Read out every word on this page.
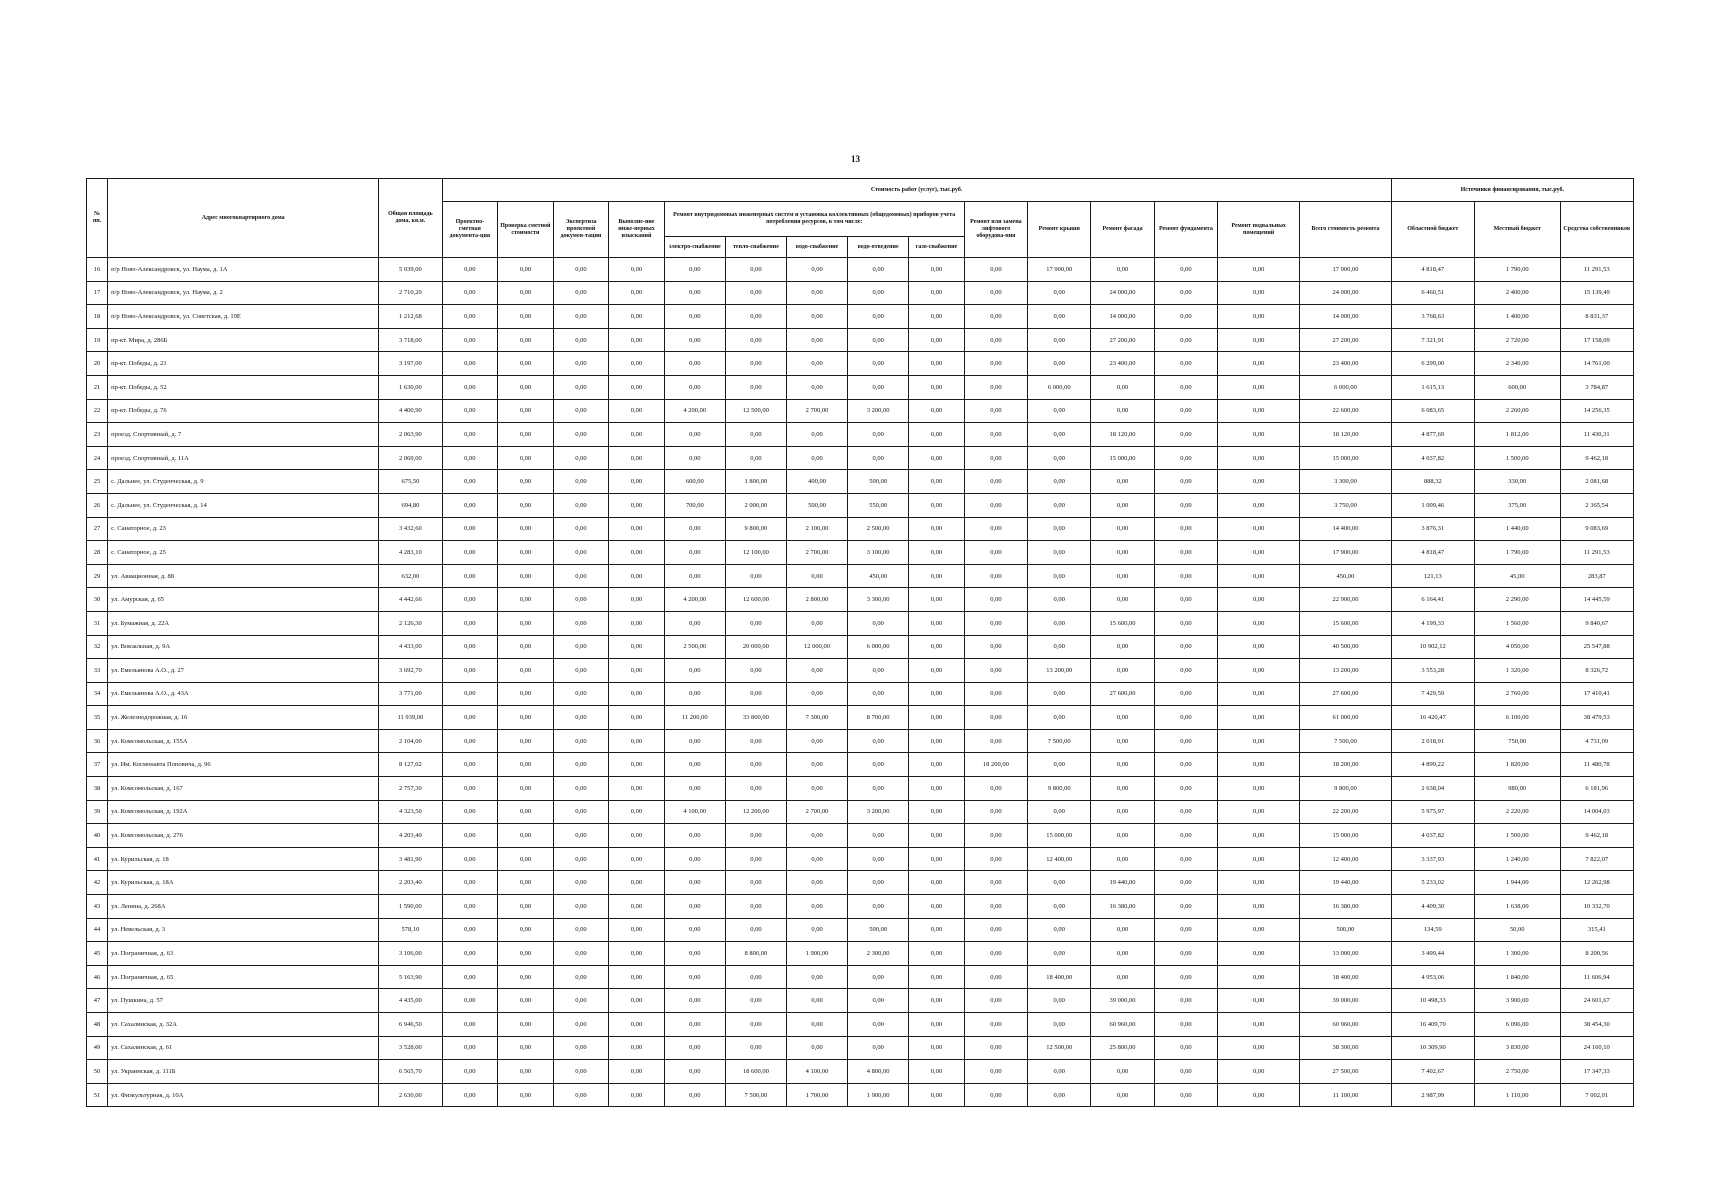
13
№
пп.	Адрес многоквартирного дома	Общая площадь дома, кв.м.	Стоимость работ (услуг), тыс.руб.															Источники финансирования, тыс.руб.		
			Проектно-сметная документа-ция	Проверка сметной стоимости	Экспертиза проектной докумен-тации	Выполне-ние инже-нерных изысканий	Ремонт внутридомовых инженерных систем и установка коллективных (общедомовых) приборов учета потребления ресурсов, в том числе:					Ремонт или замена лифтового оборудова-ния	Ремонт крыши	Ремонт фасада	Ремонт фундамента	Ремонт подвальных помещений	Всего стоимость ремонта	Областной бюджет	Местный бюджет	Средства собственников
							электро-снабжение	тепло-снабжение	водо-снабжение	водо-отведение	газо-снабжение									
16	п/р Ново-Александровск, ул. Наума, д. 1А	5 039,00	0,00	0,00	0,00	0,00	0,00	0,00	0,00	0,00	0,00	0,00	17 900,00	0,00	0,00	0,00	17 900,00	4 818,47	1 790,00	11 291,53
17	п/р Ново-Александровск, ул. Наума, д. 2	2 710,20	0,00	0,00	0,00	0,00	0,00	0,00	0,00	0,00	0,00	0,00	0,00	24 000,00	0,00	0,00	24 000,00	6 460,51	2 400,00	15 139,49
18	п/р Ново-Александровск, ул. Советская, д. 19Е	1 212,68	0,00	0,00	0,00	0,00	0,00	0,00	0,00	0,00	0,00	0,00	0,00	14 000,00	0,00	0,00	14 000,00	3 768,63	1 400,00	8 831,37
19	пр-кт. Мира, д. 286Б	3 718,00	0,00	0,00	0,00	0,00	0,00	0,00	0,00	0,00	0,00	0,00	0,00	27 200,00	0,00	0,00	27 200,00	7 321,91	2 720,00	17 158,09
20	пр-кт. Победы, д. 21	3 197,00	0,00	0,00	0,00	0,00	0,00	0,00	0,00	0,00	0,00	0,00	0,00	23 400,00	0,00	0,00	23 400,00	6 299,00	2 340,00	14 761,00
21	пр-кт. Победы, д. 52	1 630,00	0,00	0,00	0,00	0,00	0,00	0,00	0,00	0,00	0,00	0,00	6 000,00	0,00	0,00	0,00	6 000,00	1 615,13	600,00	3 784,87
22	пр-кт. Победы, д. 76	4 400,90	0,00	0,00	0,00	0,00	4 200,00	12 500,00	2 700,00	3 200,00	0,00	0,00	0,00	0,00	0,00	0,00	22 600,00	6 083,65	2 260,00	14 256,35
23	проезд. Спортивный, д. 7	2 063,90	0,00	0,00	0,00	0,00	0,00	0,00	0,00	0,00	0,00	0,00	0,00	18 120,00	0,00	0,00	18 120,00	4 877,69	1 812,00	11 430,31
24	проезд. Спортивный, д. 11А	2 069,00	0,00	0,00	0,00	0,00	0,00	0,00	0,00	0,00	0,00	0,00	0,00	15 000,00	0,00	0,00	15 000,00	4 037,82	1 500,00	9 462,18
25	с. Дальнее, ул. Студенческая, д. 9	675,50	0,00	0,00	0,00	0,00	600,00	1 800,00	400,00	500,00	0,00	0,00	0,00	0,00	0,00	0,00	3 300,00	888,32	330,00	2 081,68
26	с. Дальнее, ул. Студенческая, д. 14	694,80	0,00	0,00	0,00	0,00	700,00	2 000,00	500,00	550,00	0,00	0,00	0,00	0,00	0,00	0,00	3 750,00	1 009,46	375,00	2 365,54
27	с. Санаторное, д. 23	3 432,60	0,00	0,00	0,00	0,00	0,00	9 800,00	2 100,00	2 500,00	0,00	0,00	0,00	0,00	0,00	0,00	14 400,00	3 876,31	1 440,00	9 083,69
28	с. Санаторное, д. 25	4 283,10	0,00	0,00	0,00	0,00	0,00	12 100,00	2 700,00	3 100,00	0,00	0,00	0,00	0,00	0,00	0,00	17 900,00	4 818,47	1 790,00	11 291,53
29	ул. Авиационная, д. 88	632,00	0,00	0,00	0,00	0,00	0,00	0,00	0,00	450,00	0,00	0,00	0,00	0,00	0,00	0,00	450,00	121,13	45,00	283,87
30	ул. Амурская, д. 65	4 442,66	0,00	0,00	0,00	0,00	4 200,00	12 600,00	2 800,00	3 300,00	0,00	0,00	0,00	0,00	0,00	0,00	22 900,00	6 164,41	2 290,00	14 445,59
31	ул. Бумажная, д. 22А	2 126,30	0,00	0,00	0,00	0,00	0,00	0,00	0,00	0,00	0,00	0,00	0,00	15 600,00	0,00	0,00	15 600,00	4 199,33	1 560,00	9 840,67
32	ул. Вокзальная, д. 9А	4 433,00	0,00	0,00	0,00	0,00	2 500,00	20 000,00	12 000,00	6 000,00	0,00	0,00	0,00	0,00	0,00	0,00	40 500,00	10 902,12	4 050,00	25 547,88
33	ул. Емельянова А.О., д. 27	3 692,70	0,00	0,00	0,00	0,00	0,00	0,00	0,00	0,00	0,00	0,00	13 200,00	0,00	0,00	0,00	13 200,00	3 553,28	1 320,00	8 326,72
34	ул. Емельянова А.О., д. 43А	3 771,00	0,00	0,00	0,00	0,00	0,00	0,00	0,00	0,00	0,00	0,00	0,00	27 600,00	0,00	0,00	27 600,00	7 429,59	2 760,00	17 410,41
35	ул. Железнодорожная, д. 16	11 939,00	0,00	0,00	0,00	0,00	11 200,00	33 800,00	7 300,00	8 700,00	0,00	0,00	0,00	0,00	0,00	0,00	61 000,00	16 420,47	6 100,00	38 479,53
36	ул. Комсомольская, д. 155А	2 104,00	0,00	0,00	0,00	0,00	0,00	0,00	0,00	0,00	0,00	0,00	7 500,00	0,00	0,00	0,00	7 500,00	2 018,91	750,00	4 731,09
37	ул. Им. Космонавта Поповича, д. 96	8 127,02	0,00	0,00	0,00	0,00	0,00	0,00	0,00	0,00	0,00	18 200,00	0,00	0,00	0,00	0,00	18 200,00	4 899,22	1 820,00	11 480,78
38	ул. Комсомольская, д. 167	2 757,30	0,00	0,00	0,00	0,00	0,00	0,00	0,00	0,00	0,00	0,00	9 800,00	0,00	0,00	0,00	9 800,00	2 638,04	980,00	6 181,96
39	ул. Комсомольская, д. 192А	4 323,50	0,00	0,00	0,00	0,00	4 100,00	12 200,00	2 700,00	3 200,00	0,00	0,00	0,00	0,00	0,00	0,00	22 200,00	5 975,97	2 220,00	14 004,03
40	ул. Комсомольская, д. 276	4 203,40	0,00	0,00	0,00	0,00	0,00	0,00	0,00	0,00	0,00	0,00	15 000,00	0,00	0,00	0,00	15 000,00	4 037,82	1 500,00	9 462,18
41	ул. Курильская, д. 18	3 481,90	0,00	0,00	0,00	0,00	0,00	0,00	0,00	0,00	0,00	0,00	12 400,00	0,00	0,00	0,00	12 400,00	3 337,93	1 240,00	7 822,07
42	ул. Курильская, д. 18А	2 203,40	0,00	0,00	0,00	0,00	0,00	0,00	0,00	0,00	0,00	0,00	0,00	19 440,00	0,00	0,00	19 440,00	5 233,02	1 944,00	12 262,98
43	ул. Ленина, д. 268А	1 590,00	0,00	0,00	0,00	0,00	0,00	0,00	0,00	0,00	0,00	0,00	0,00	16 380,00	0,00	0,00	16 380,00	4 409,30	1 638,00	10 332,70
44	ул. Невельская, д. 3	578,10	0,00	0,00	0,00	0,00	0,00	0,00	0,00	500,00	0,00	0,00	0,00	0,00	0,00	0,00	500,00	134,59	50,00	315,41
45	ул. Пограничная, д. 63	3 106,00	0,00	0,00	0,00	0,00	0,00	8 800,00	1 900,00	2 300,00	0,00	0,00	0,00	0,00	0,00	0,00	13 000,00	3 499,44	1 300,00	8 200,56
46	ул. Пограничная, д. 65	5 163,90	0,00	0,00	0,00	0,00	0,00	0,00	0,00	0,00	0,00	0,00	18 400,00	0,00	0,00	0,00	18 400,00	4 953,06	1 840,00	11 606,94
47	ул. Пушкина, д. 57	4 435,00	0,00	0,00	0,00	0,00	0,00	0,00	0,00	0,00	0,00	0,00	0,00	39 000,00	0,00	0,00	39 000,00	10 498,33	3 900,00	24 601,67
48	ул. Сахалинская, д. 32А	6 946,50	0,00	0,00	0,00	0,00	0,00	0,00	0,00	0,00	0,00	0,00	0,00	60 960,00	0,00	0,00	60 960,00	16 409,70	6 096,00	38 454,30
49	ул. Сахалинская, д. 61	3 528,00	0,00	0,00	0,00	0,00	0,00	0,00	0,00	0,00	0,00	0,00	12 500,00	25 800,00	0,00	0,00	38 300,00	10 309,90	3 830,00	24 160,10
50	ул. Украинская, д. 111Б	6 565,70	0,00	0,00	0,00	0,00	0,00	18 600,00	4 100,00	4 800,00	0,00	0,00	0,00	0,00	0,00	0,00	27 500,00	7 402,67	2 750,00	17 347,33
51	ул. Физкультурная, д. 10А	2 630,00	0,00	0,00	0,00	0,00	0,00	7 500,00	1 700,00	1 900,00	0,00	0,00	0,00	0,00	0,00	0,00	11 100,00	2 987,99	1 110,00	7 002,01
